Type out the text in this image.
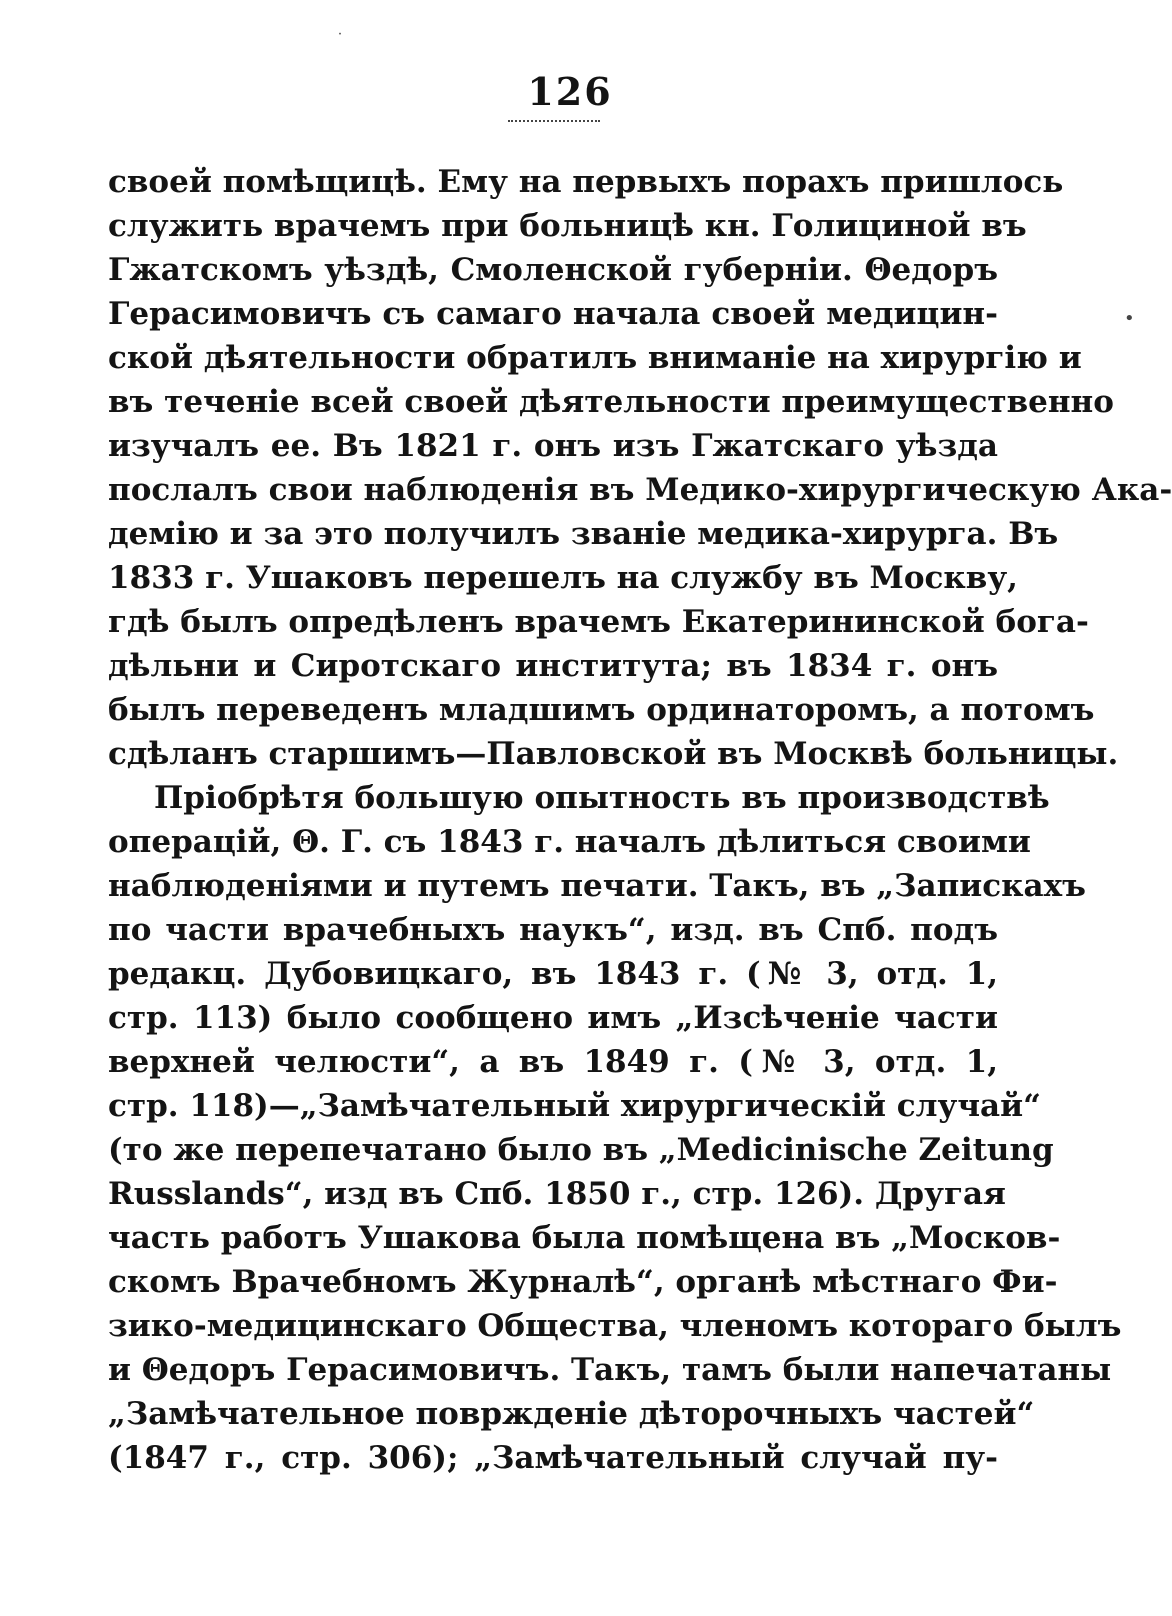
˙
•
126
своей помѣщицѣ. Ему на первыхъ порахъ пришлось
служить врачемъ при больницѣ кн. Голициной въ
Гжатскомъ уѣздѣ, Смоленской губерніи. Θедоръ
Герасимовичъ съ самаго начала своей медицин-
ской дѣятельности обратилъ вниманіе на хирургію и
въ теченіе всей своей дѣятельности преимущественно
изучалъ ее. Въ 1821 г. онъ изъ Гжатскаго уѣзда
послалъ свои наблюденія въ Медико-хирургическую Ака-
демію и за это получилъ званіе медика-хирурга. Въ
1833 г. Ушаковъ перешелъ на службу въ Москву,
гдѣ былъ опредѣленъ врачемъ Екатерининской бога-
дѣльни и Сиротскаго института; въ 1834 г. онъ
былъ переведенъ младшимъ ординаторомъ, а потомъ
сдѣланъ старшимъ—Павловской въ Москвѣ больницы.
Пріобрѣтя большую опытность въ производствѣ
операцій, Θ. Г. съ 1843 г. началъ дѣлиться своими
наблюденіями и путемъ печати. Такъ, въ „Запискахъ
по части врачебныхъ наукъ“, изд. въ Спб. подъ
редакц. Дубовицкаго, въ 1843 г. (№ 3, отд. 1,
стр. 113) было сообщено имъ „Изсѣченіе части
верхней челюсти“, а въ 1849 г. (№ 3, отд. 1,
стр. 118)—„Замѣчательный хирургическій случай“
(то же перепечатано было въ „Medicinische Zeitung
Russlands“, изд въ Спб. 1850 г., стр. 126). Другая
часть работъ Ушакова была помѣщена въ „Москов-
скомъ Врачебномъ Журналѣ“, органѣ мѣстнаго Фи-
зико-медицинскаго Общества, членомъ котораго былъ
и Θедоръ Герасимовичъ. Такъ, тамъ были напечатаны
„Замѣчательное повржденіе дѣторочныхъ частей“
(1847 г., стр. 306); „Замѣчательный случай пу-
